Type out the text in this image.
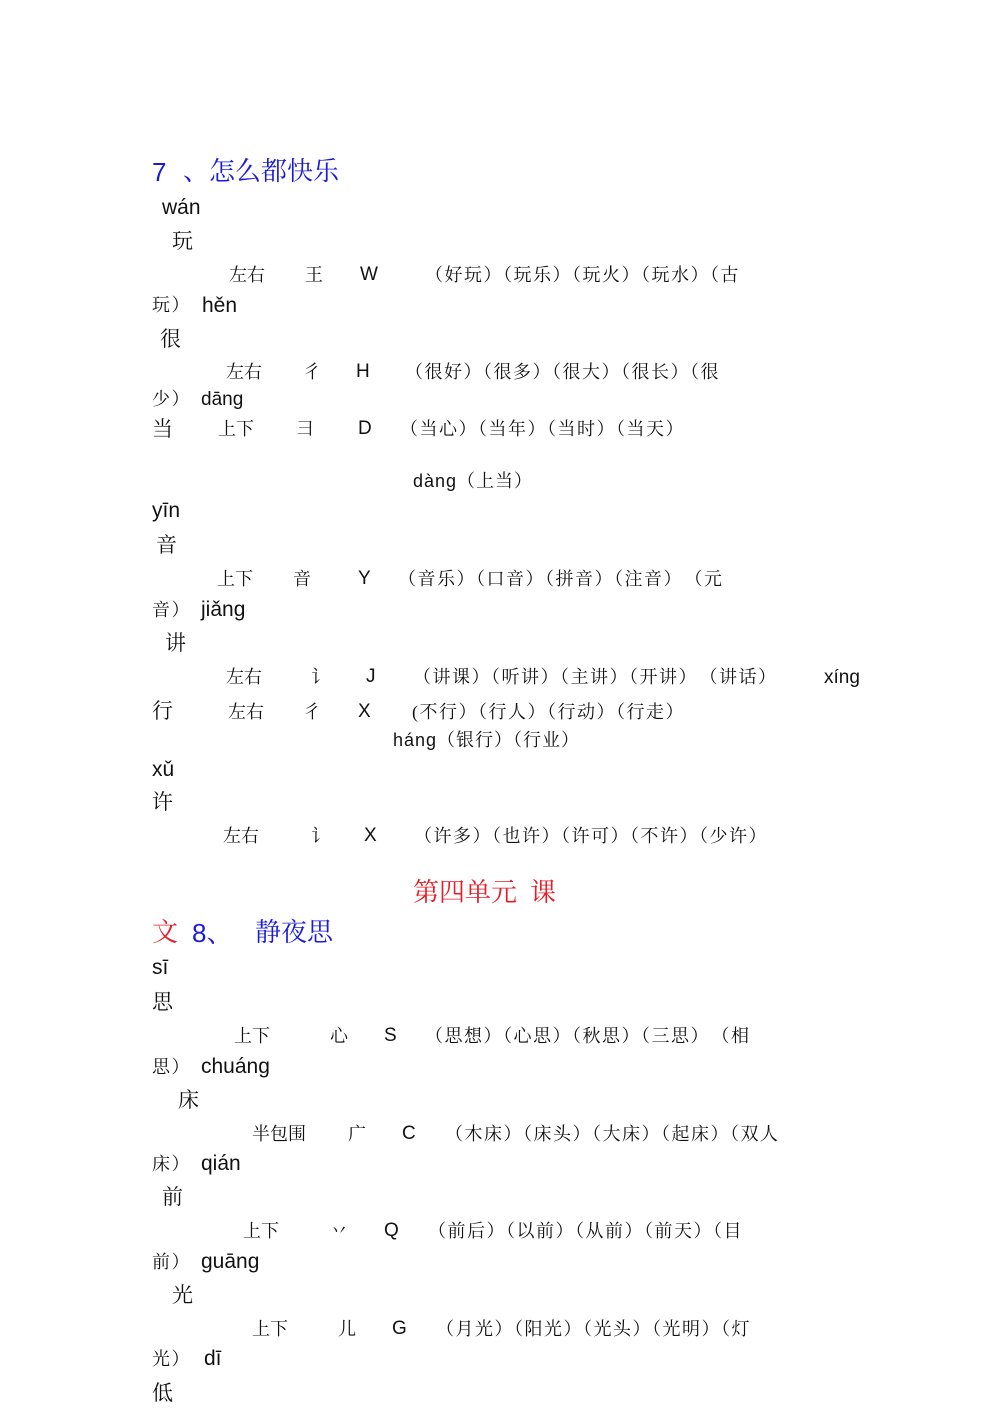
7 、怎么都快乐
wán
玩
左右 王 W	（好玩）（玩乐）（玩火）（玩水）（古
玩） hěn
很
左右 彳 H （很好）（很多）（很大）（很长）（很
少） dāng
当	上下 彐 D （当心）（当年）（当时）（当天）
dàng（上当）
yīn
音
上下 音 Y （音乐）（口音）（拼音）（注音）　（元
音） jiǎng
讲
左右	讠 J （讲课）（听讲）（主讲）（开讲）　（讲话） xíng
行	左右 彳 X (不行）（行人）（行动）（行走）
háng（银行）（行业）
xǔ
许
左右	讠 X （许多）（也许）（许可）（不许）（少许）
第四单元  课
文 8、 静夜思
sī
思
上下	心 S （思想）（心思）（秋思）（三思）　（相
思） chuáng
床
半包围 广 C （木床）（床头）（大床）（起床）（双人
床） qián
前
上下	丷 Q （前后）（以前）（从前）（前天）（目
前） guāng
光
上下	儿 G （月光）（阳光）（光头）（光明）（灯
光） dī
低
